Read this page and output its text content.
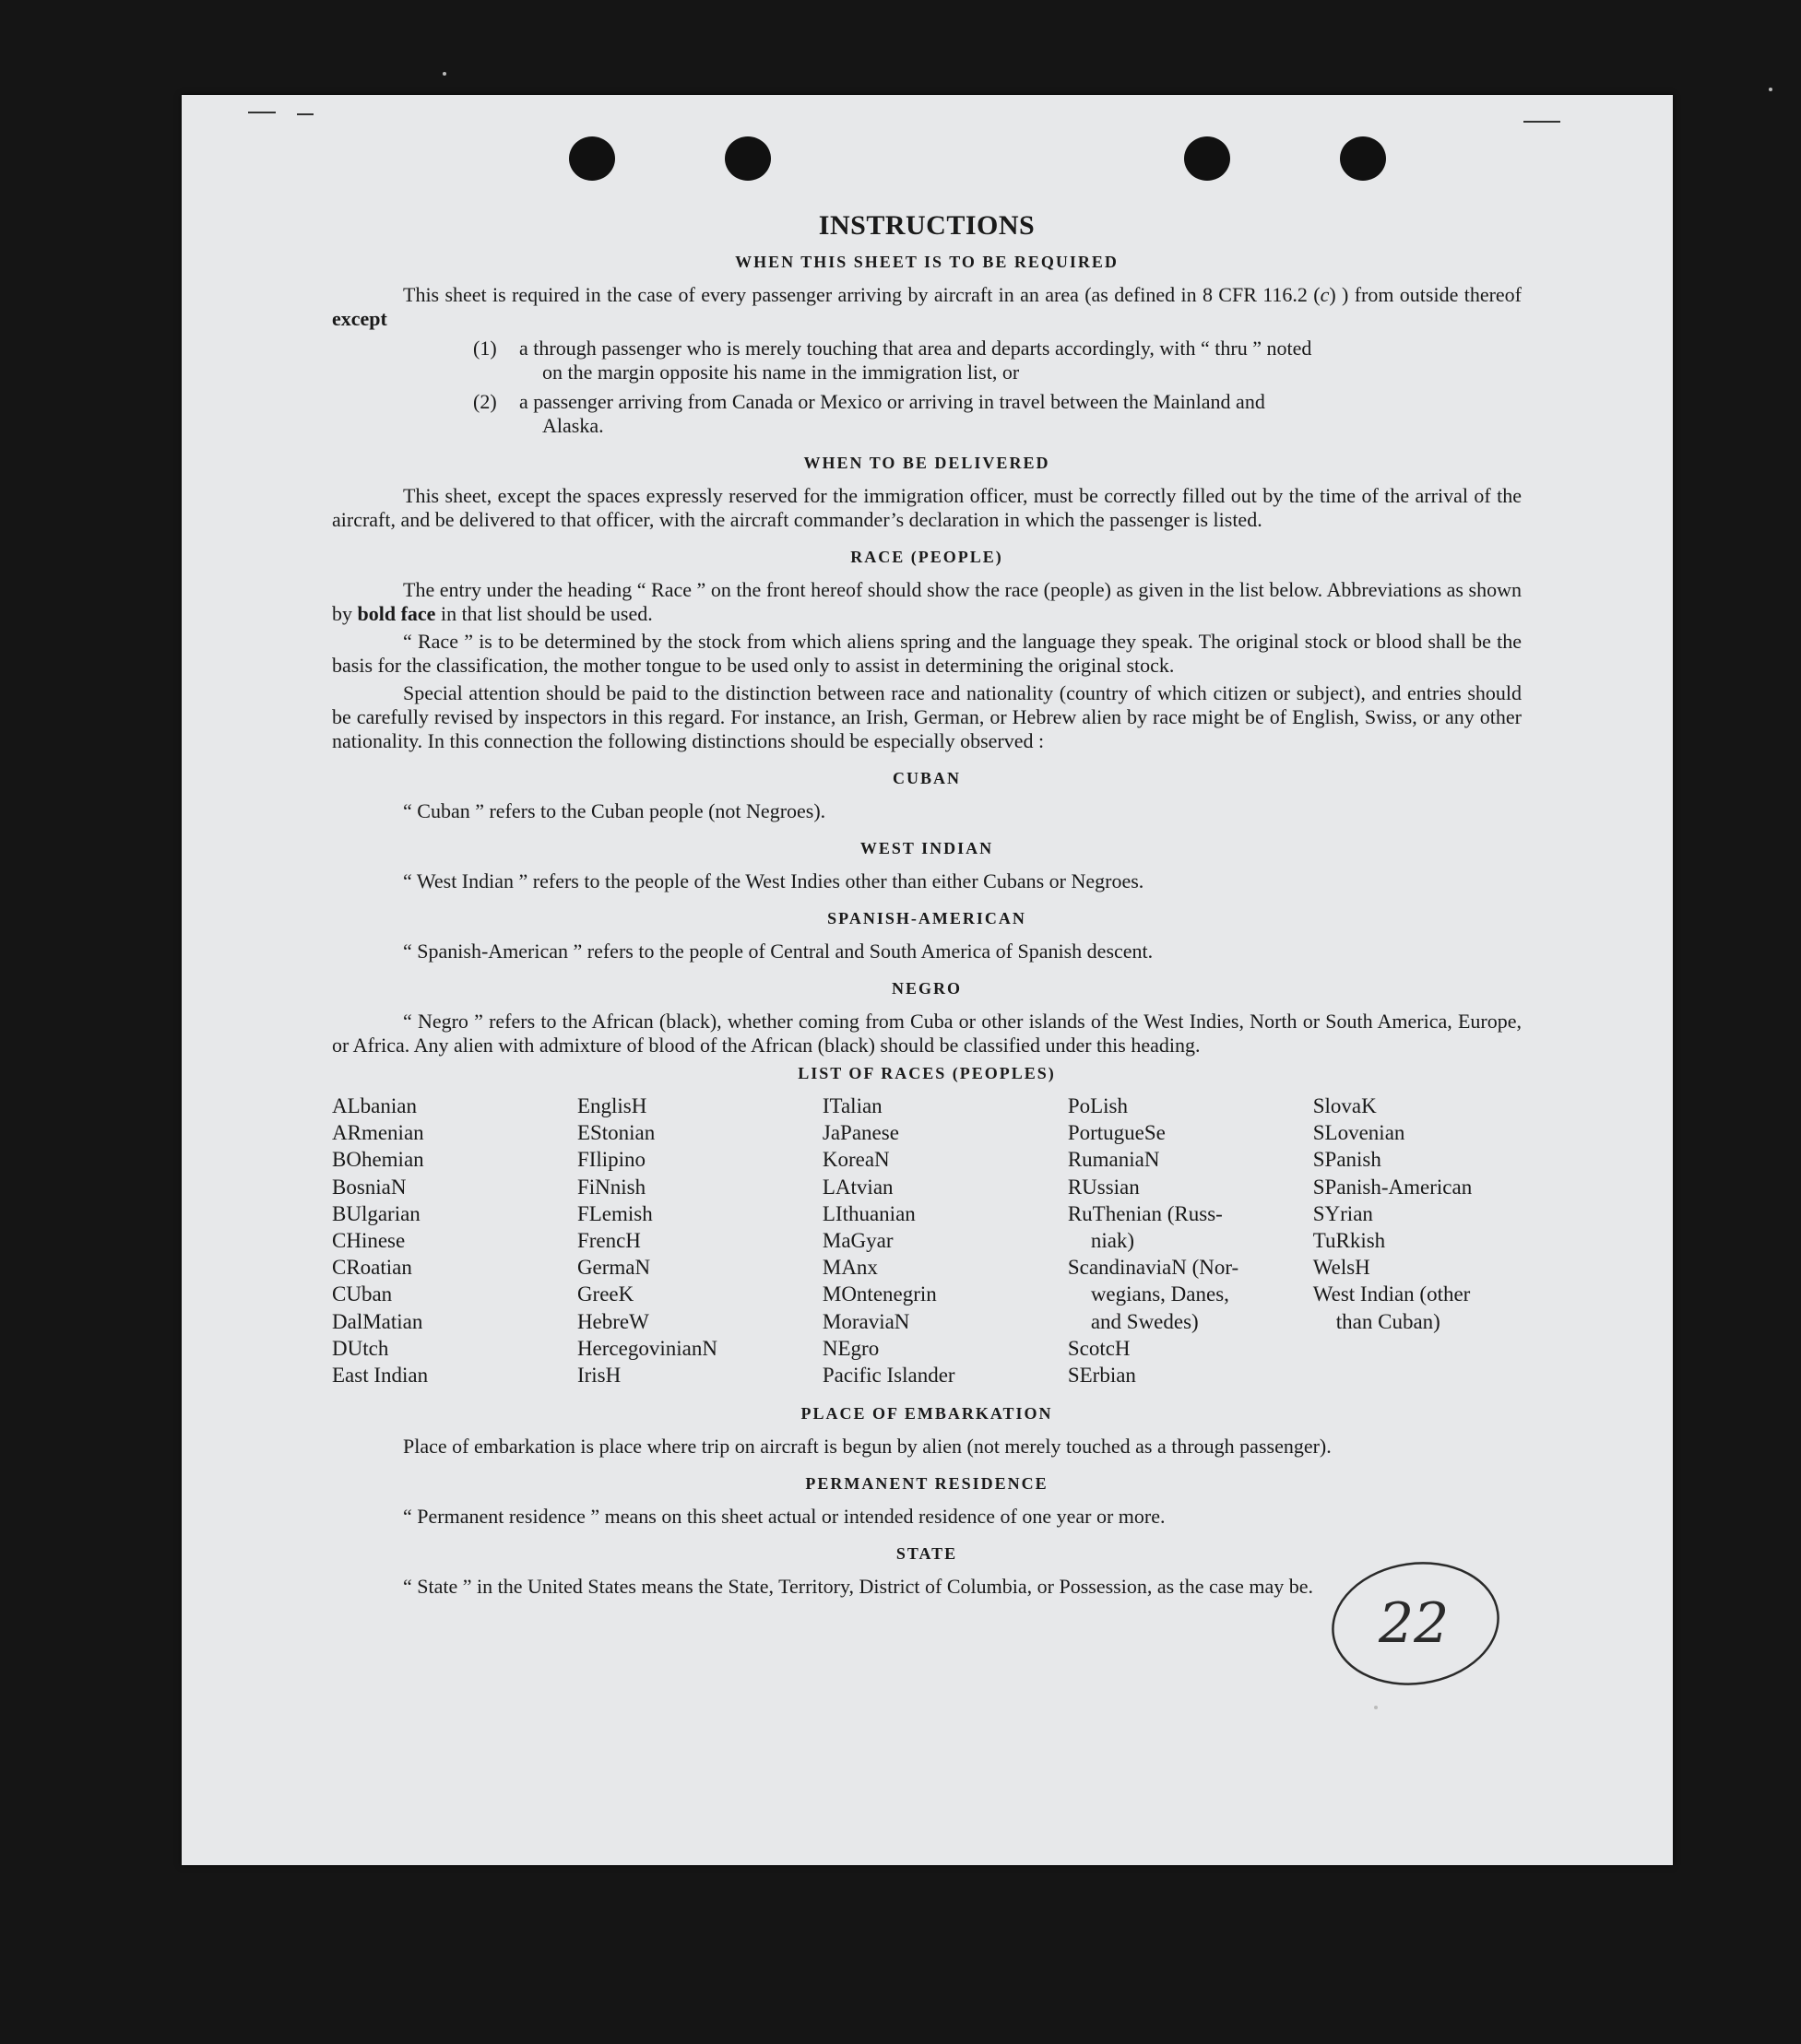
INSTRUCTIONS
WHEN THIS SHEET IS TO BE REQUIRED

This sheet is required in the case of every passenger arriving by aircraft in an area (as defined in 8 CFR 116.2 (c) ) from outside thereof except

(1)	a through passenger who is merely touching that area and departs accordingly, with “ thru ” noted
on the margin opposite his name in the immigration list, or
(2)	a passenger arriving from Canada or Mexico or arriving in travel between the Mainland and
Alaska.
WHEN TO BE DELIVERED

This sheet, except the spaces expressly reserved for the immigration officer, must be correctly filled out by the time of the arrival of the aircraft, and be delivered to that officer, with the aircraft commander’s declaration in which the passenger is listed.

RACE (PEOPLE)

The entry under the heading “ Race ” on the front hereof should show the race (people) as given in the list below. Abbreviations as shown by bold face in that list should be used.

“ Race ” is to be determined by the stock from which aliens spring and the language they speak. The original stock or blood shall be the basis for the classification, the mother tongue to be used only to assist in determining the original stock.

Special attention should be paid to the distinction between race and nationality (country of which citizen or subject), and entries should be carefully revised by inspectors in this regard. For instance, an Irish, German, or Hebrew alien by race might be of English, Swiss, or any other nationality. In this connection the following distinctions should be especially observed :

CUBAN

“ Cuban ” refers to the Cuban people (not Negroes).

WEST INDIAN

“ West Indian ” refers to the people of the West Indies other than either Cubans or Negroes.

SPANISH-AMERICAN

“ Spanish-American ” refers to the people of Central and South America of Spanish descent.

NEGRO

“ Negro ” refers to the African (black), whether coming from Cuba or other islands of the West Indies, North or South America, Europe, or Africa. Any alien with admixture of blood of the African (black) should be classified under this heading.

LIST OF RACES (PEOPLES)
ALbanian
ARmenian
BOhemian
BosniaN
BUlgarian
CHinese
CRoatian
CUban
DalMatian
DUtch
East Indian
EnglisH
EStonian
FIlipino
FiNnish
FLemish
FrencH
GermaN
GreeK
HebreW
HercegovinianN
IrisH
ITalian
JaPanese
KoreaN
LAtvian
LIthuanian
MaGyar
MAnx
MOntenegrin
MoraviaN
NEgro
Pacific Islander
PoLish
PortugueSe
RumaniaN
RUssian
RuThenian (Russ-
niak)
ScandinaviaN (Nor-
wegians, Danes,
and Swedes)
ScotcH
SErbian
SlovaK
SLovenian
SPanish
SPanish-American
SYrian
TuRkish
WelsH
West Indian (other
than Cuban)
PLACE OF EMBARKATION

Place of embarkation is place where trip on aircraft is begun by alien (not merely touched as a through passenger).

PERMANENT RESIDENCE

“ Permanent residence ” means on this sheet actual or intended residence of one year or more.

STATE

“ State ” in the United States means the State, Territory, District of Columbia, or Possession, as the case may be.

22
